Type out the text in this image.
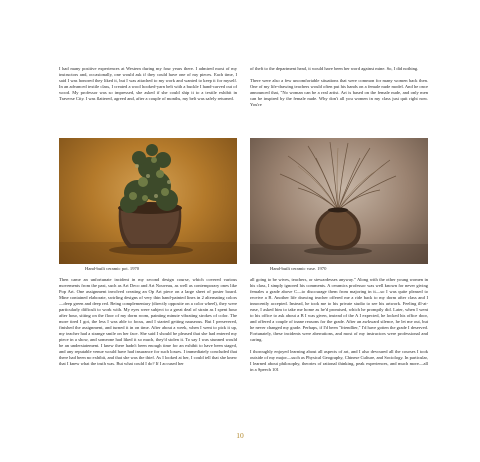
I had many positive experiences at Western during my four years there. I admired most of my instructors and, occasionally, one would ask if they could have one of my pieces. Each time, I said I was honored they liked it, but I was attached to my work and wanted to keep it for myself. In an advanced textile class, I created a wool hooked-yarn belt with a buckle I hand-carved out of wood. My professor was so impressed, she asked if she could ship it to a textile exhibit in Traverse City. I was flattered, agreed and, after a couple of months, my belt was safely returned.

of theft to the department head, it would have been her word against mine. So, I did nothing.

There were also a few uncomfortable situations that were common for many women back then. One of my life-drawing teachers would often put his hands on a female nude model. And he once announced that, "No woman can be a real artist. Art is based on the female nude, and only men can be inspired by the female nude. Why don't all you women in my class just quit right now. You're

Hand-built ceramic pot. 1970	Hand-built ceramic vase. 1970

Then came an unfortunate incident in my second design course, which covered various movements from the past, such as Art Deco and Art Nouveau, as well as contemporary ones like Pop Art. One assignment involved creating an Op Art piece on a large sheet of poster board. Mine contained elaborate, swirling designs of very thin hand-painted lines in 2 alternating colors—deep green and deep red. Being complementary (directly opposite on a color wheel), they were particularly difficult to work with. My eyes were subject to a great deal of strain as I spent hour after hour, sitting on the floor of my dorm room, painting minute vibrating strokes of color. The more tired I got, the less I was able to focus, and I started getting nauseous. But I persevered, finished the assignment, and turned it in on time. After about a week, when I went to pick it up, my teacher had a strange smile on her face. She said I should be pleased that she had entered my piece in a show, and someone had liked it so much, they'd stolen it. To say I was stunned would be an understatement. I knew there hadn't been enough time for an exhibit to have been staged, and any reputable venue would have had insurance for such losses. I immediately concluded that there had been no exhibit, and that she was the thief. As I looked at her, I could tell that she knew that I knew what the truth was. But what could I do? If I accused her

all going to be wives, teachers, or stewardesses anyway." Along with the other young women in his class, I simply ignored his comments. A ceramics professor was well known for never giving females a grade above C—to discourage them from majoring in it—so I was quite pleased to receive a B. Another life drawing teacher offered me a ride back to my dorm after class and I innocently accepted. Instead, he took me to his private studio to see his artwork. Feeling ill-at-ease, I asked him to take me home as he'd promised, which he promptly did. Later, when I went to his office to ask about a B I was given, instead of the A I expected, he locked his office door, and offered a couple of inane reasons for the grade. After an awkward silence, he let me out, but he never changed my grade. Perhaps, if I'd been "friendlier," I'd have gotten the grade I deserved. Fortunately, these incidents were aberrations, and most of my instructors were professional and caring.

I thoroughly enjoyed learning about all aspects of art, and I also devoured all the courses I took outside of my major—such as Physical Geography, Chinese Culture, and Sociology. In particular, I learned about philosophy, theories of rational thinking, peak experiences, and much more—all in a Speech 101

10
